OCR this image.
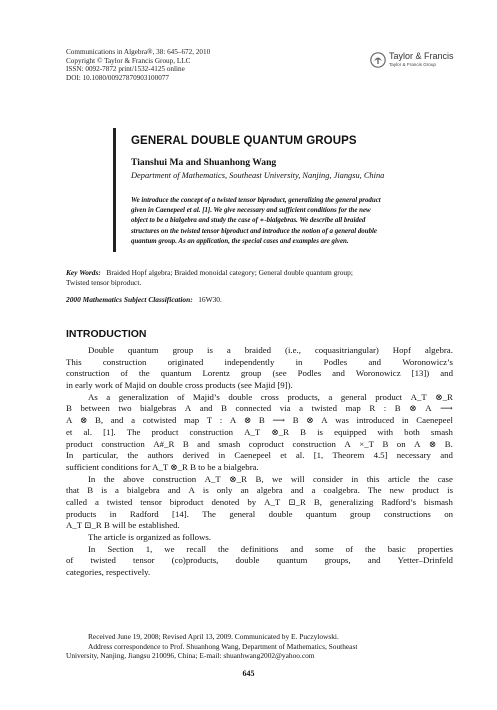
Communications in Algebra®, 38: 645–672, 2010
Copyright © Taylor & Francis Group, LLC
ISSN: 0092-7872 print/1532-4125 online
DOI: 10.1080/00927870903100077
Taylor & Francis
Taylor & Francis Group
GENERAL DOUBLE QUANTUM GROUPS
Tianshui Ma and Shuanhong Wang
Department of Mathematics, Southeast University, Nanjing, Jiangsu, China
We introduce the concept of a twisted tensor biproduct, generalizing the general product
given in Caenepeel et al. [1]. We give necessary and sufficient conditions for the new
object to be a bialgebra and study the case of ∗-bialgebras. We describe all braided
structures on the twisted tensor biproduct and introduce the notion of a general double
quantum group. As an application, the special cases and examples are given.
Key Words: Braided Hopf algebra; Braided monoidal category; General double quantum group;
Twisted tensor biproduct.
2000 Mathematics Subject Classification: 16W30.
INTRODUCTION
Double quantum group is a braided (i.e., coquasitriangular) Hopf algebra.
This construction originated independently in Podles and Woronowicz’s
construction of the quantum Lorentz group (see Podles and Woronowicz [13]) and
in early work of Majid on double cross products (see Majid [9]).
As a generalization of Majid’s double cross products, a general product A_T ⊗_R
B between two bialgebras A and B connected via a twisted map R : B ⊗ A ⟶
A ⊗ B, and a cotwisted map T : A ⊗ B ⟶ B ⊗ A was introduced in Caenepeel
et al. [1]. The product construction A_T ⊗_R B is equipped with both smash
product construction A#_R B and smash coproduct construction A ×_T B on A ⊗ B.
In particular, the authors derived in Caenepeel et al. [1, Theorem 4.5] necessary and
sufficient conditions for A_T ⊗_R B to be a bialgebra.
In the above construction A_T ⊗_R B, we will consider in this article the case
that B is a bialgebra and A is only an algebra and a coalgebra. The new product is
called a twisted tensor biproduct denoted by A_T ⊡_R B, generalizing Radford’s bismash
products in Radford [14]. The general double quantum group constructions on
A_T ⊡_R B will be established.
The article is organized as follows.
In Section 1, we recall the definitions and some of the basic properties
of twisted tensor (co)products, double quantum groups, and Yetter–Drinfeld
categories, respectively.
Received June 19, 2008; Revised April 13, 2009. Communicated by E. Puczylowski.
Address correspondence to Prof. Shuanhong Wang, Department of Mathematics, Southeast
University, Nanjing, Jiangsu 210096, China; E-mail: shuanhwang2002@yahoo.com
645
